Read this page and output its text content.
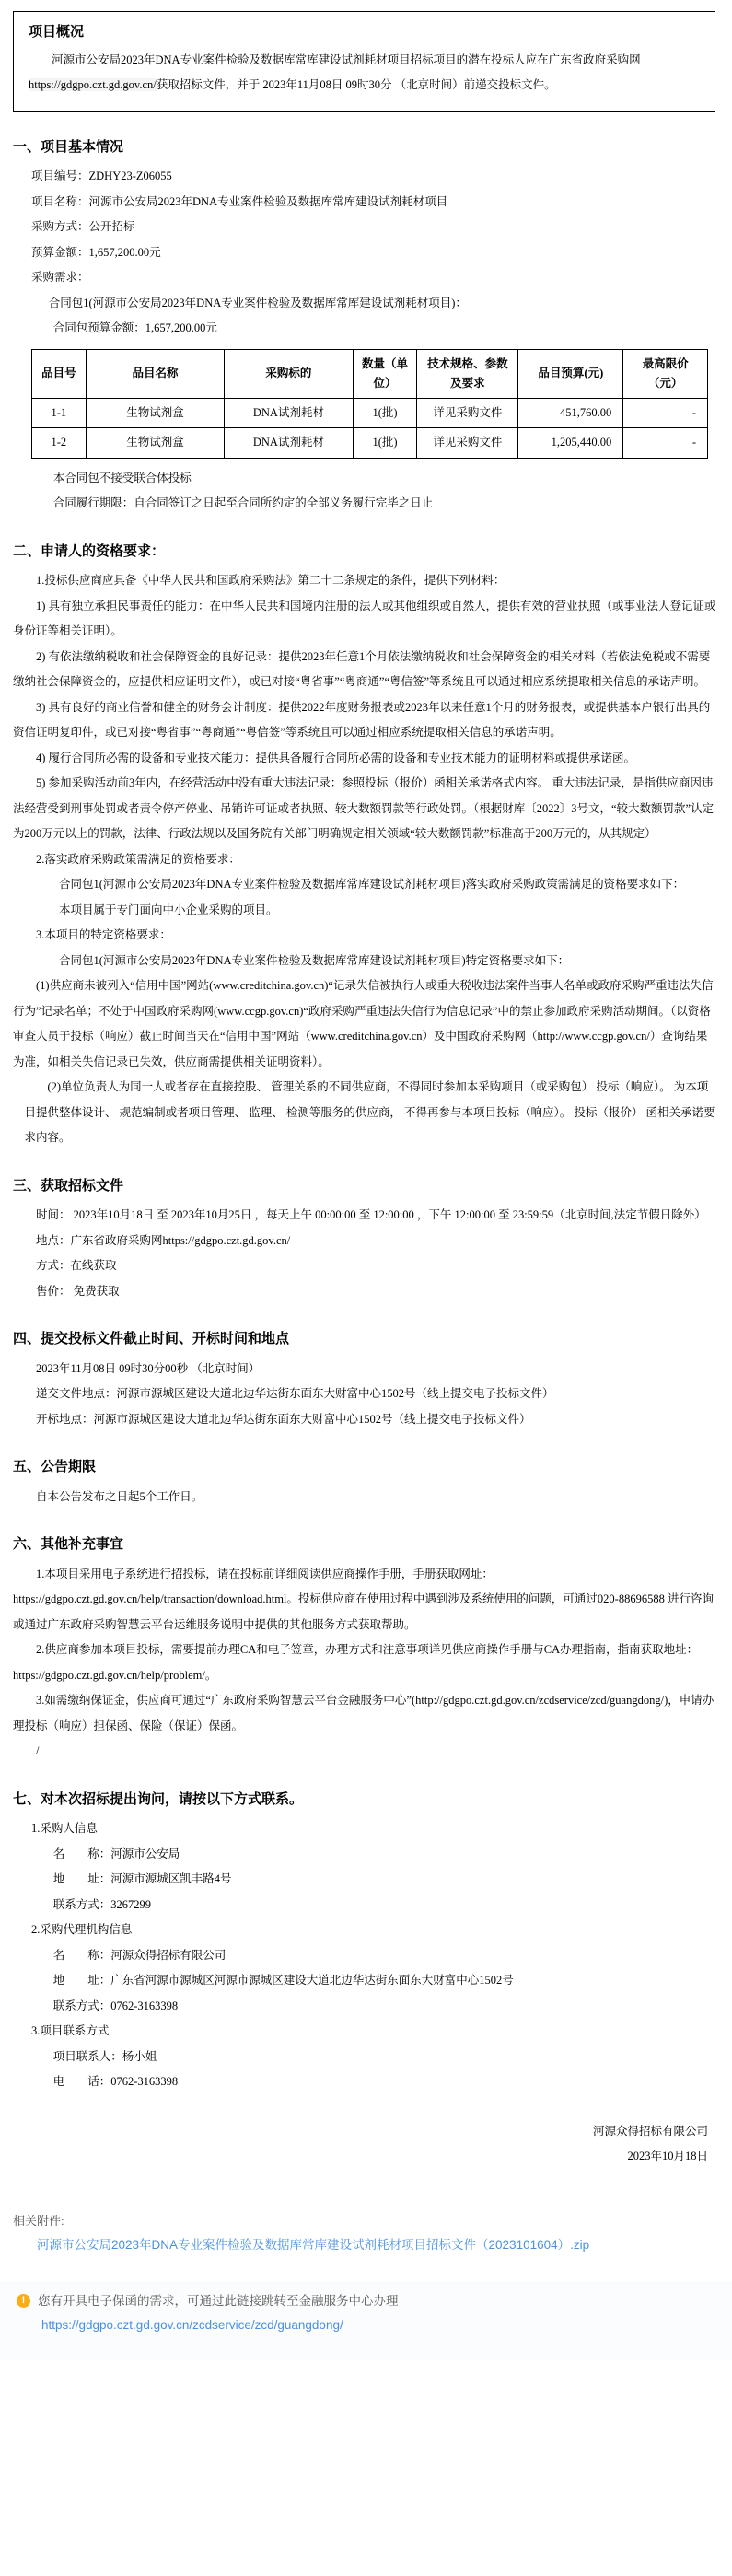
项目概况

河源市公安局2023年DNA专业案件检验及数据库常库建设试剂耗材项目招标项目的潜在投标人应在广东省政府采购网https://gdgpo.czt.gd.gov.cn/获取招标文件，并于 2023年11月08日 09时30分 （北京时间）前递交投标文件。

一、项目基本情况

项目编号：ZDHY23-Z06055

项目名称：河源市公安局2023年DNA专业案件检验及数据库常库建设试剂耗材项目

采购方式：公开招标

预算金额：1,657,200.00元

采购需求：

合同包1(河源市公安局2023年DNA专业案件检验及数据库常库建设试剂耗材项目)：

合同包预算金额：1,657,200.00元

品目号	品目名称	采购标的	数量（单位）	技术规格、参数及要求	品目预算(元)	最高限价（元）
1-1	生物试剂盒	DNA试剂耗材	1(批)	详见采购文件	451,760.00	-
1-2	生物试剂盒	DNA试剂耗材	1(批)	详见采购文件	1,205,440.00	-

本合同包不接受联合体投标

合同履行期限：自合同签订之日起至合同所约定的全部义务履行完毕之日止

二、申请人的资格要求：

1.投标供应商应具备《中华人民共和国政府采购法》第二十二条规定的条件，提供下列材料：

1) 具有独立承担民事责任的能力：在中华人民共和国境内注册的法人或其他组织或自然人，提供有效的营业执照（或事业法人登记证或身份证等相关证明）。

2) 有依法缴纳税收和社会保障资金的良好记录：提供2023年任意1个月依法缴纳税收和社会保障资金的相关材料（若依法免税或不需要缴纳社会保障资金的，应提供相应证明文件），或已对接“粤省事”“粤商通”“粤信签”等系统且可以通过相应系统提取相关信息的承诺声明。

3) 具有良好的商业信誉和健全的财务会计制度：提供2022年度财务报表或2023年以来任意1个月的财务报表，或提供基本户银行出具的资信证明复印件，或已对接“粤省事”“粤商通”“粤信签”等系统且可以通过相应系统提取相关信息的承诺声明。

4) 履行合同所必需的设备和专业技术能力：提供具备履行合同所必需的设备和专业技术能力的证明材料或提供承诺函。

5) 参加采购活动前3年内，在经营活动中没有重大违法记录：参照投标（报价）函相关承诺格式内容。 重大违法记录，是指供应商因违法经营受到刑事处罚或者责令停产停业、吊销许可证或者执照、较大数额罚款等行政处罚。（根据财库〔2022〕3号文，“较大数额罚款”认定为200万元以上的罚款，法律、行政法规以及国务院有关部门明确规定相关领域“较大数额罚款”标准高于200万元的，从其规定）

2.落实政府采购政策需满足的资格要求：

合同包1(河源市公安局2023年DNA专业案件检验及数据库常库建设试剂耗材项目)落实政府采购政策需满足的资格要求如下：

本项目属于专门面向中小企业采购的项目。

3.本项目的特定资格要求：

合同包1(河源市公安局2023年DNA专业案件检验及数据库常库建设试剂耗材项目)特定资格要求如下：

(1)供应商未被列入“信用中国”网站(www.creditchina.gov.cn)“记录失信被执行人或重大税收违法案件当事人名单或政府采购严重违法失信行为”记录名单；不处于中国政府采购网(www.ccgp.gov.cn)“政府采购严重违法失信行为信息记录”中的禁止参加政府采购活动期间。（以资格审查人员于投标（响应）截止时间当天在“信用中国”网站（www.creditchina.gov.cn）及中国政府采购网（http://www.ccgp.gov.cn/）查询结果为准，如相关失信记录已失效，供应商需提供相关证明资料）。

(2)单位负责人为同一人或者存在直接控股、 管理关系的不同供应商，不得同时参加本采购项目（或采购包） 投标（响应）。 为本项目提供整体设计、 规范编制或者项目管理、 监理、 检测等服务的供应商， 不得再参与本项目投标（响应）。 投标（报价） 函相关承诺要求内容。

三、获取招标文件

时间： 2023年10月18日 至 2023年10月25日 ，每天上午 00:00:00 至 12:00:00 ，下午 12:00:00 至 23:59:59（北京时间,法定节假日除外）

地点：广东省政府采购网https://gdgpo.czt.gd.gov.cn/

方式：在线获取

售价： 免费获取

四、提交投标文件截止时间、开标时间和地点

2023年11月08日 09时30分00秒 （北京时间）

递交文件地点：河源市源城区建设大道北边华达街东面东大财富中心1502号（线上提交电子投标文件）

开标地点：河源市源城区建设大道北边华达街东面东大财富中心1502号（线上提交电子投标文件）

五、公告期限

自本公告发布之日起5个工作日。

六、其他补充事宜

1.本项目采用电子系统进行招投标，请在投标前详细阅读供应商操作手册，手册获取网址：https://gdgpo.czt.gd.gov.cn/help/transaction/download.html。投标供应商在使用过程中遇到涉及系统使用的问题，可通过020-88696588 进行咨询或通过广东政府采购智慧云平台运维服务说明中提供的其他服务方式获取帮助。

2.供应商参加本项目投标，需要提前办理CA和电子签章，办理方式和注意事项详见供应商操作手册与CA办理指南，指南获取地址：https://gdgpo.czt.gd.gov.cn/help/problem/。

3.如需缴纳保证金，供应商可通过“广东政府采购智慧云平台金融服务中心”(http://gdgpo.czt.gd.gov.cn/zcdservice/zcd/guangdong/)，申请办理投标（响应）担保函、保险（保证）保函。

/

七、对本次招标提出询问，请按以下方式联系。

1.采购人信息

名　　称：河源市公安局

地　　址：河源市源城区凯丰路4号

联系方式：3267299

2.采购代理机构信息

名　　称：河源众得招标有限公司

地　　址：广东省河源市源城区河源市源城区建设大道北边华达街东面东大财富中心1502号

联系方式：0762-3163398

3.项目联系方式

项目联系人：杨小姐

电　　话：0762-3163398

河源众得招标有限公司
2023年10月18日
相关附件:
河源市公安局2023年DNA专业案件检验及数据库常库建设试剂耗材项目招标文件（2023101604）.zip
!	您有开具电子保函的需求，可通过此链接跳转至金融服务中心办理
https://gdgpo.czt.gd.gov.cn/zcdservice/zcd/guangdong/
